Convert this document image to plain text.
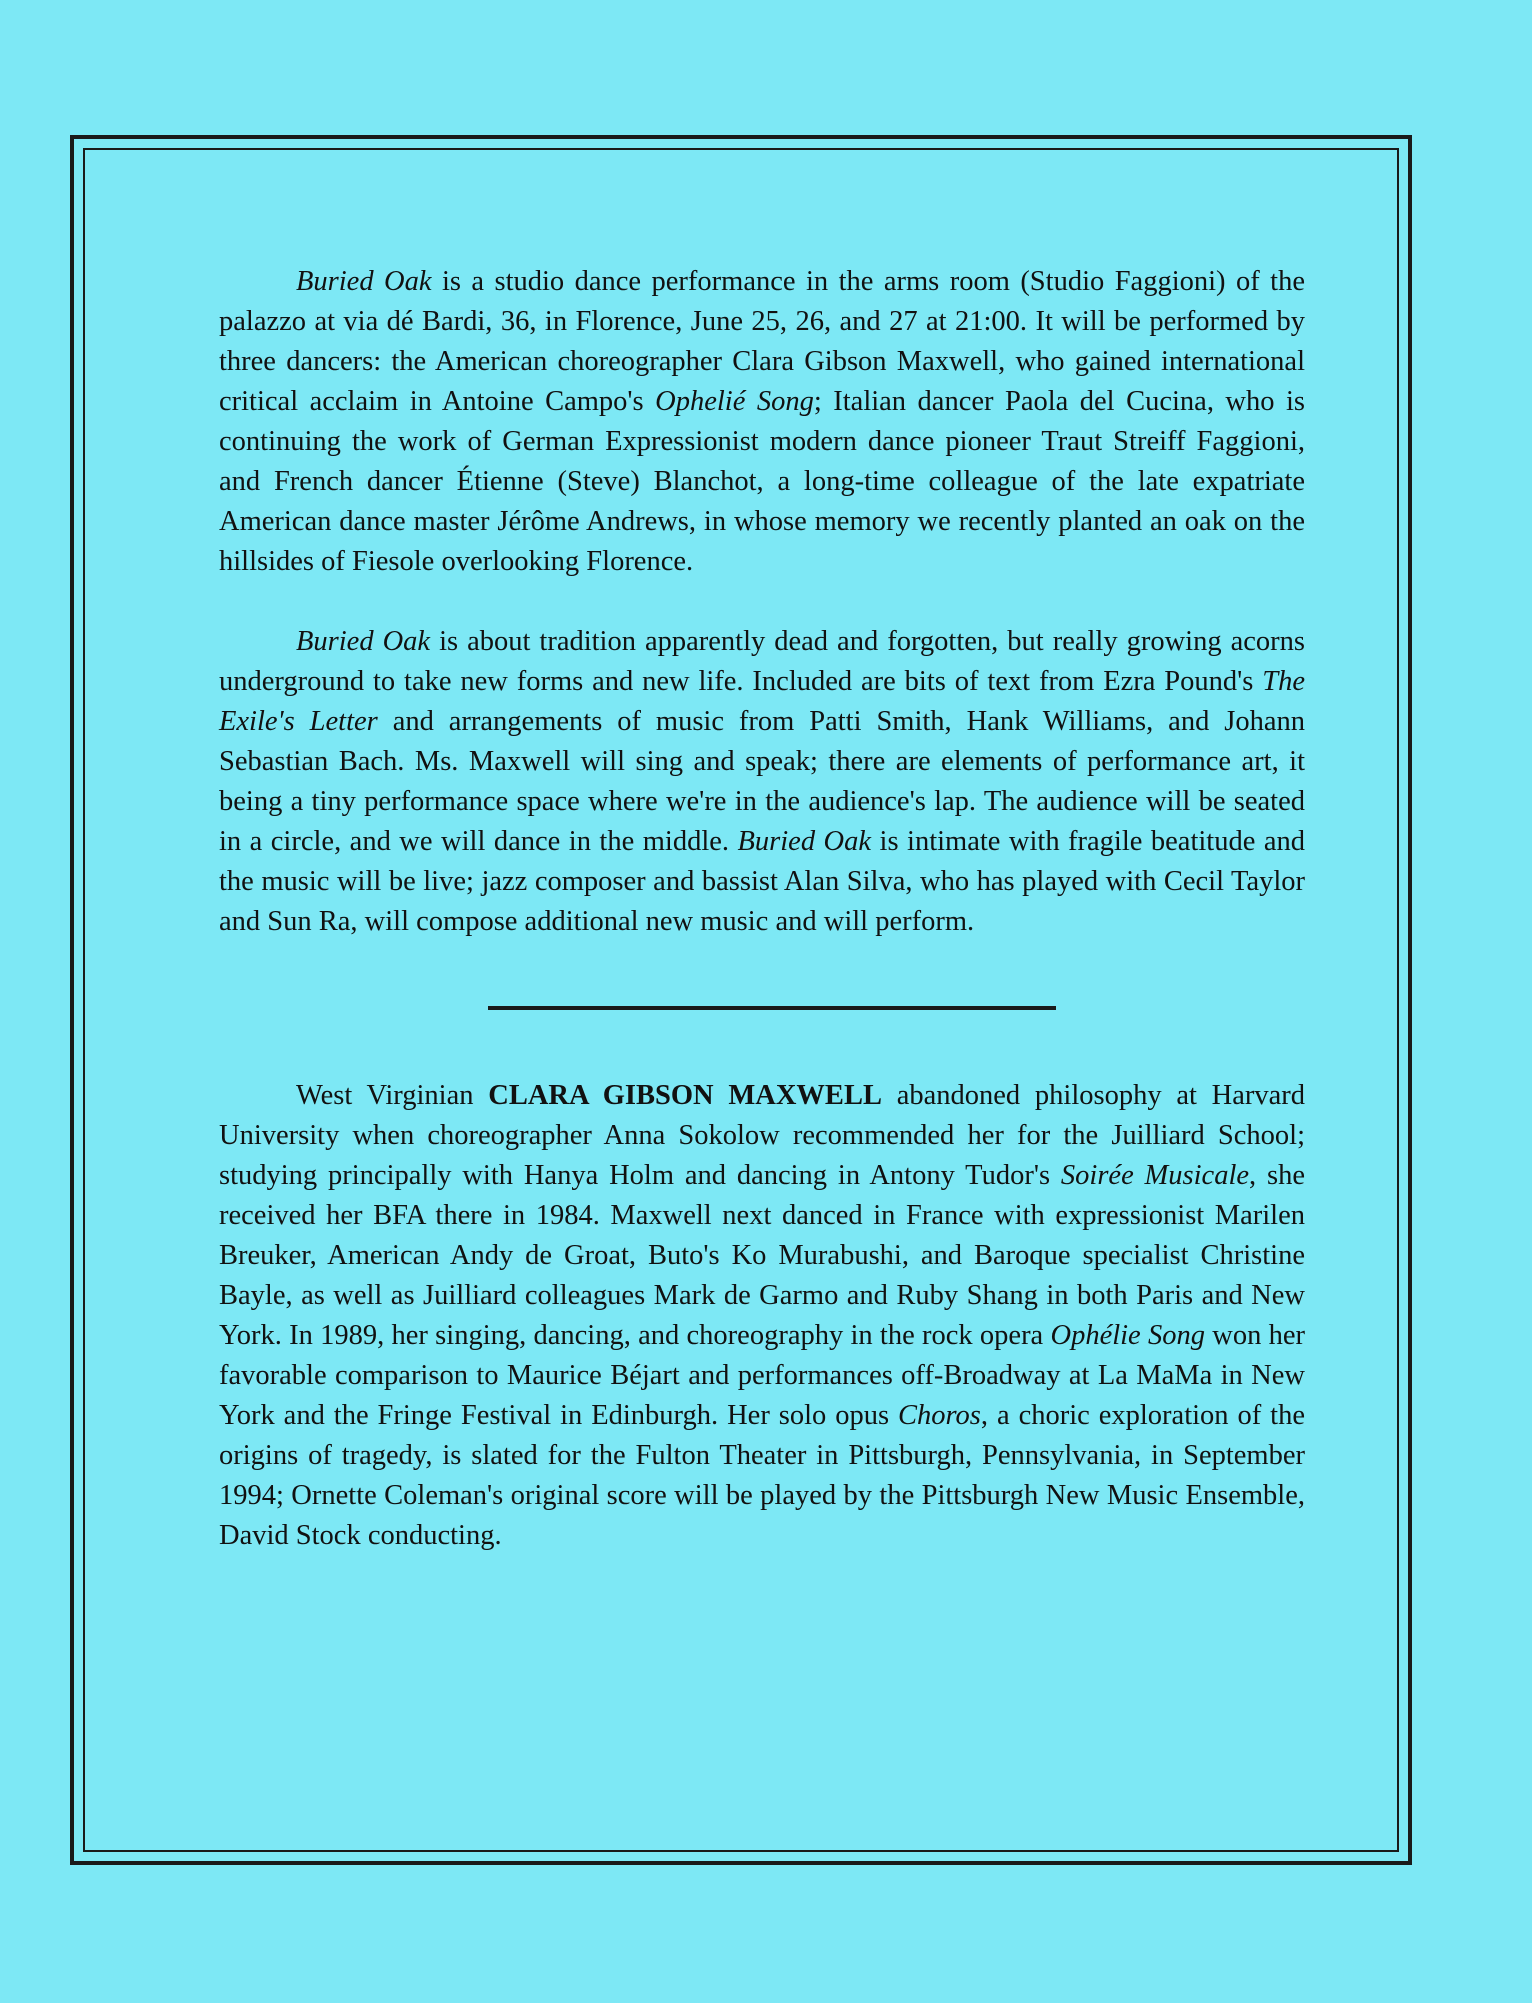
Buried Oak is a studio dance performance in the arms room (Studio Faggioni) of the palazzo at via dé Bardi, 36, in Florence, June 25, 26, and 27 at 21:00. It will be performed by three dancers: the American choreographer Clara Gibson Maxwell, who gained international critical acclaim in Antoine Campo's Ophelié Song; Italian dancer Paola del Cucina, who is continuing the work of German Expressionist modern dance pioneer Traut Streiff Faggioni, and French dancer Étienne (Steve) Blanchot, a long-time colleague of the late expatriate American dance master Jérôme Andrews, in whose memory we recently planted an oak on the hillsides of Fiesole overlooking Florence.

Buried Oak is about tradition apparently dead and forgotten, but really growing acorns underground to take new forms and new life. Included are bits of text from Ezra Pound's The Exile's Letter and arrangements of music from Patti Smith, Hank Williams, and Johann Sebastian Bach. Ms. Maxwell will sing and speak; there are elements of performance art, it being a tiny performance space where we're in the audience's lap. The audience will be seated in a circle, and we will dance in the middle. Buried Oak is intimate with fragile beatitude and the music will be live; jazz composer and bassist Alan Silva, who has played with Cecil Taylor and Sun Ra, will compose additional new music and will perform.

West Virginian CLARA GIBSON MAXWELL abandoned philosophy at Harvard University when choreographer Anna Sokolow recommended her for the Juilliard School; studying principally with Hanya Holm and dancing in Antony Tudor's Soirée Musicale, she received her BFA there in 1984. Maxwell next danced in France with expressionist Marilen Breuker, American Andy de Groat, Buto's Ko Murabushi, and Baroque specialist Christine Bayle, as well as Juilliard colleagues Mark de Garmo and Ruby Shang in both Paris and New York. In 1989, her singing, dancing, and choreography in the rock opera Ophélie Song won her favorable comparison to Maurice Béjart and performances off-Broadway at La MaMa in New York and the Fringe Festival in Edinburgh. Her solo opus Choros, a choric exploration of the origins of tragedy, is slated for the Fulton Theater in Pittsburgh, Pennsylvania, in September 1994; Ornette Coleman's original score will be played by the Pittsburgh New Music Ensemble, David Stock conducting.
